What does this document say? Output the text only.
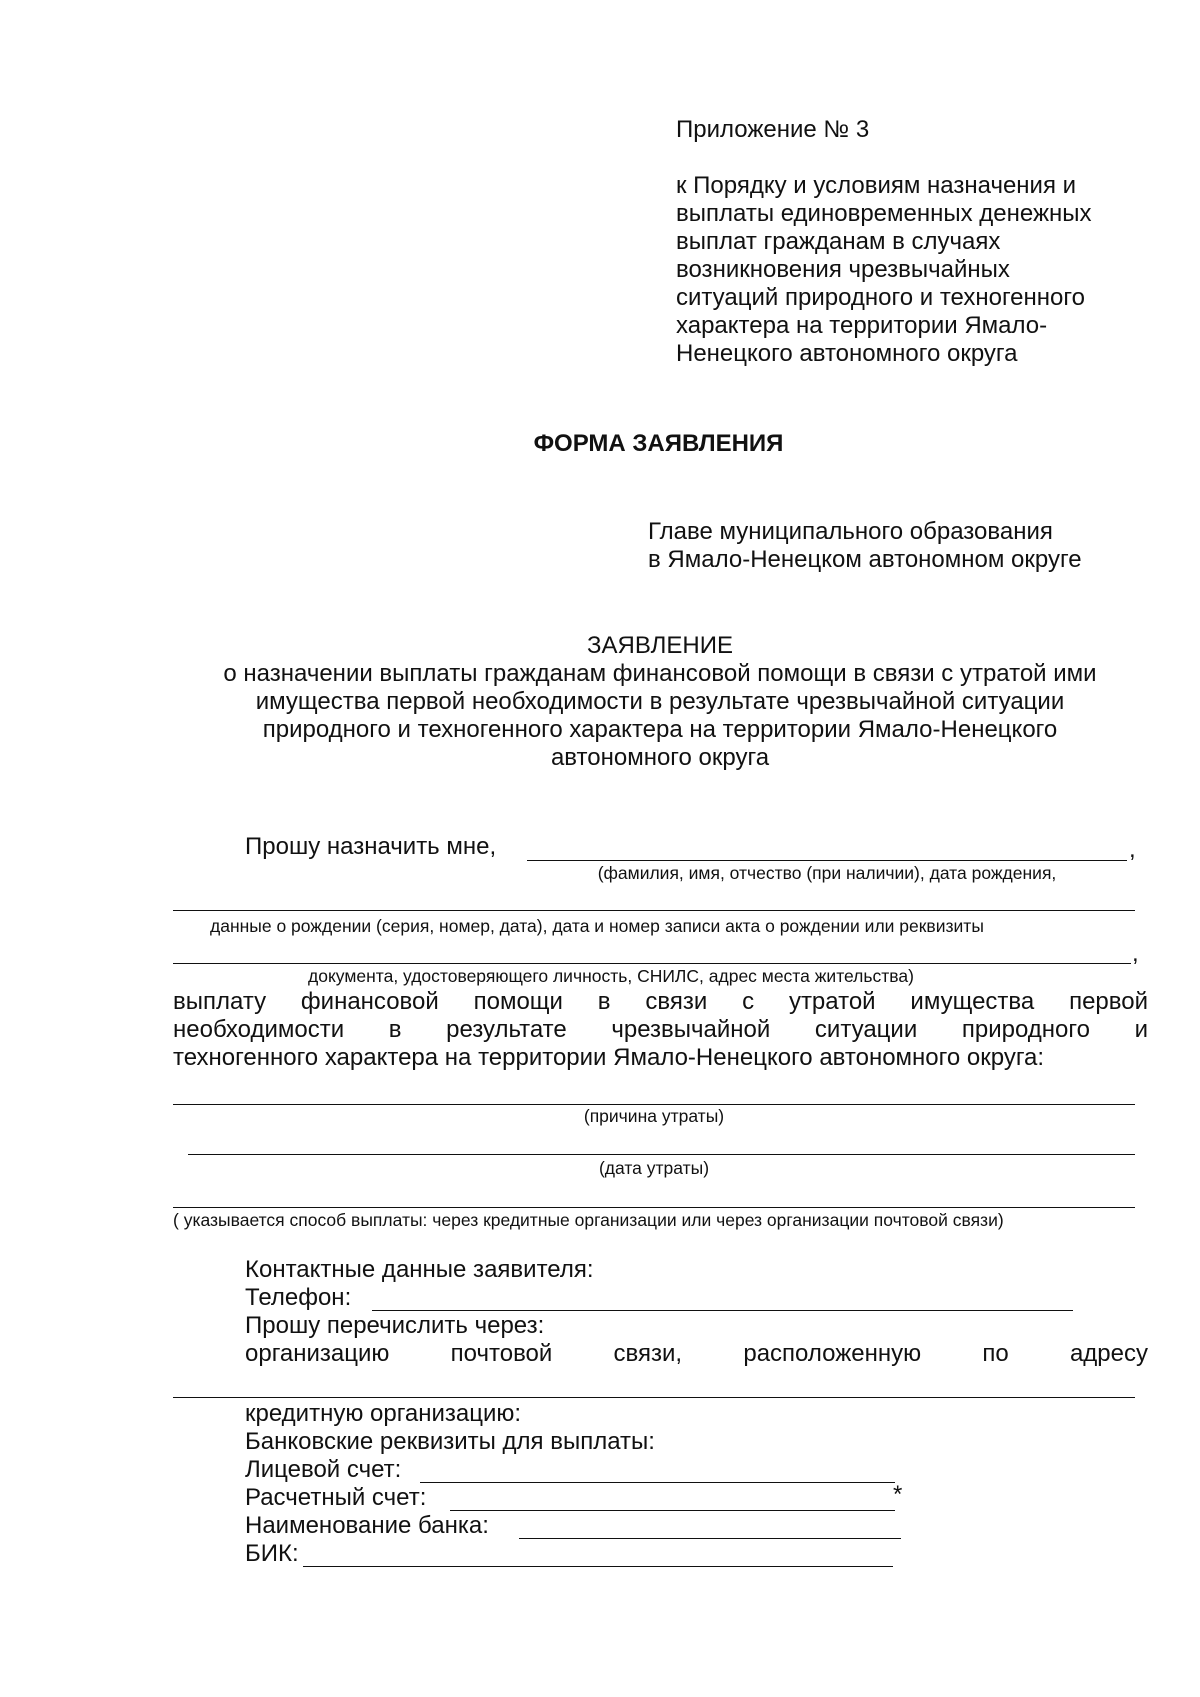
Приложение № 3
к Порядку и условиям назначения и
выплаты единовременных денежных
выплат гражданам в случаях
возникновения чрезвычайных
ситуаций природного и техногенного
характера на территории Ямало-
Ненецкого автономного округа
ФОРМА ЗАЯВЛЕНИЯ
Главе муниципального образования
в Ямало-Ненецком автономном округе
ЗАЯВЛЕНИЕ
о назначении выплаты гражданам финансовой помощи в связи с утратой ими
имущества первой необходимости в результате чрезвычайной ситуации
природного и техногенного характера на территории Ямало-Ненецкого
автономного округа
Прошу назначить мне,	,
(фамилия, имя, отчество (при наличии), дата рождения,
данные о рождении (серия, номер, дата), дата и номер записи акта о рождении или реквизиты
,
документа, удостоверяющего личность, СНИЛС, адрес места жительства)
выплату финансовой помощи в связи с утратой имущества первой
необходимости в результате чрезвычайной ситуации природного и
техногенного характера на территории Ямало-Ненецкого автономного округа:
(причина утраты)
(дата утраты)
( указывается способ выплаты: через кредитные организации или через организации почтовой связи)
Контактные данные заявителя:
Телефон:
Прошу перечислить через:
организацию почтовой связи, расположенную по адресу
кредитную организацию:
Банковские реквизиты для выплаты:
Лицевой счет:
Расчетный счет:	*
Наименование банка:
БИК:
